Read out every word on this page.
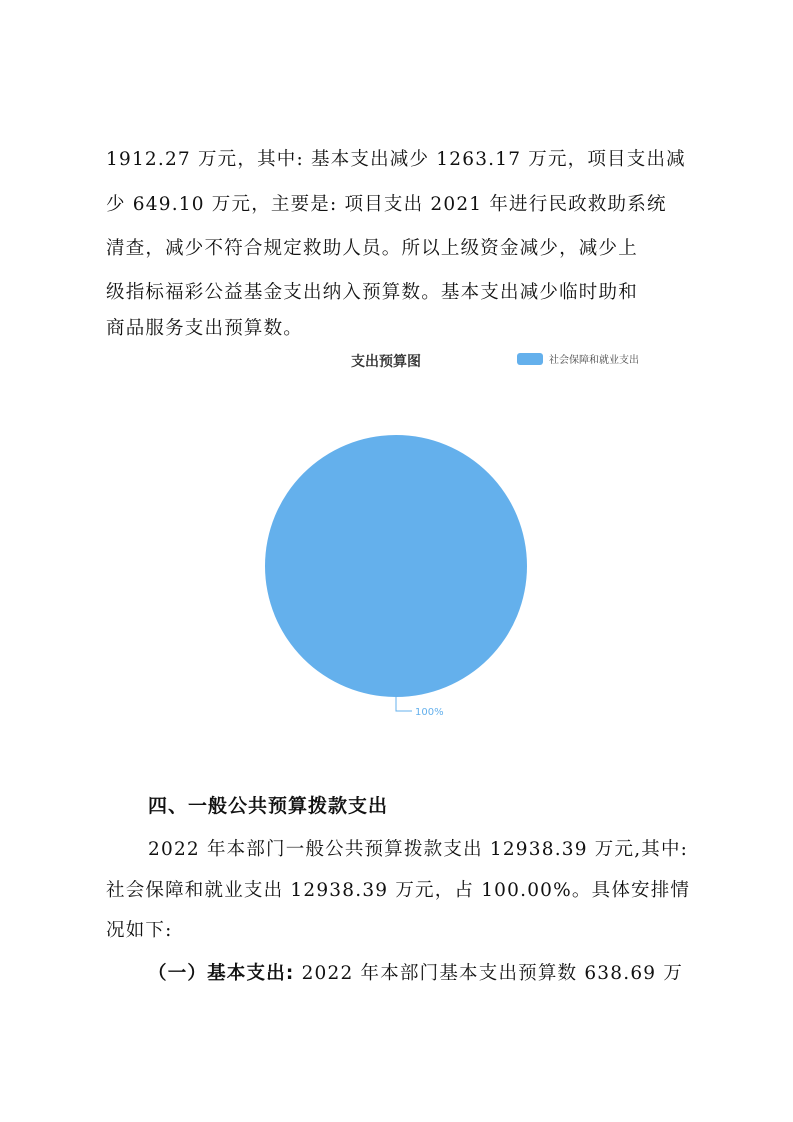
1912.27 万元，其中: 基本支出减少 1263.17 万元，项目支出减
少 649.10 万元，主要是: 项目支出 2021 年进行民政救助系统
清查，减少不符合规定救助人员。所以上级资金减少，减少上
级指标福彩公益基金支出纳入预算数。基本支出减少临时助和
商品服务支出预算数。
支出预算图	社会保障和就业支出
100%
四、一般公共预算拨款支出
2022 年本部门一般公共预算拨款支出 12938.39 万元,其中:
社会保障和就业支出 12938.39 万元，占 100.00%。具体安排情
况如下:
（一）基本支出: 2022 年本部门基本支出预算数 638.69 万
